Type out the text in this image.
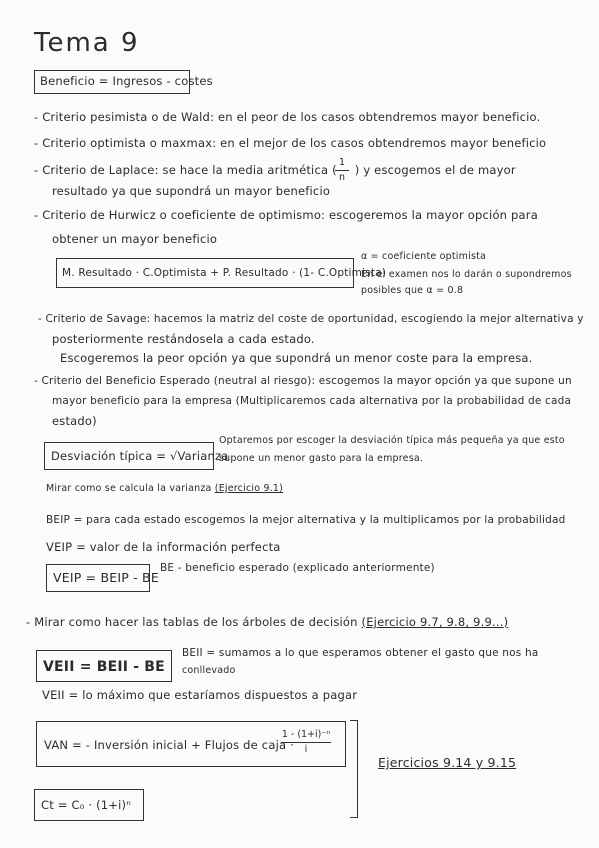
Tema 9
Beneficio = Ingresos - costes
- Criterio pesimista o de Wald: en el peor de los casos obtendremos mayor beneficio.
- Criterio optimista o maxmax: en el mejor de los casos obtendremos mayor beneficio
- Criterio de Laplace: se hace la media aritmética ( ) y escogemos el de mayor
1
n
resultado ya que supondrá un mayor beneficio
- Criterio de Hurwicz o coeficiente de optimismo: escogeremos la mayor opción para
obtener un mayor beneficio
M. Resultado · C.Optimista + P. Resultado · (1- C.Optimista)
α = coeficiente optimista
En el examen nos lo darán o supondremos
posibles que α = 0.8
- Criterio de Savage: hacemos la matriz del coste de oportunidad, escogiendo la mejor alternativa y
posteriormente restándosela a cada estado.
Escogeremos la peor opción ya que supondrá un menor coste para la empresa.
- Criterio del Beneficio Esperado (neutral al riesgo): escogemos la mayor opción ya que supone un
mayor beneficio para la empresa (Multiplicaremos cada alternativa por la probabilidad de cada
estado)
Desviación típica = √Varianza
Optaremos por escoger la desviación típica más pequeña ya que esto
supone un menor gasto para la empresa.
Mirar como se calcula la varianza (Ejercicio 9.1)
BEIP = para cada estado escogemos la mejor alternativa y la multiplicamos por la probabilidad
VEIP = valor de la información perfecta
VEIP = BEIP - BE
BE - beneficio esperado (explicado anteriormente)
- Mirar como hacer las tablas de los árboles de decisión (Ejercicio 9.7, 9.8, 9.9...)
VEII = BEII - BE
BEII = sumamos a lo que esperamos obtener el gasto que nos ha
conllevado
VEII = lo máximo que estaríamos dispuestos a pagar
VAN = - Inversión inicial + Flujos de caja ·
1 - (1+i)⁻ⁿ
i
Ct = C₀ · (1+i)ⁿ
Ejercicios 9.14 y 9.15
